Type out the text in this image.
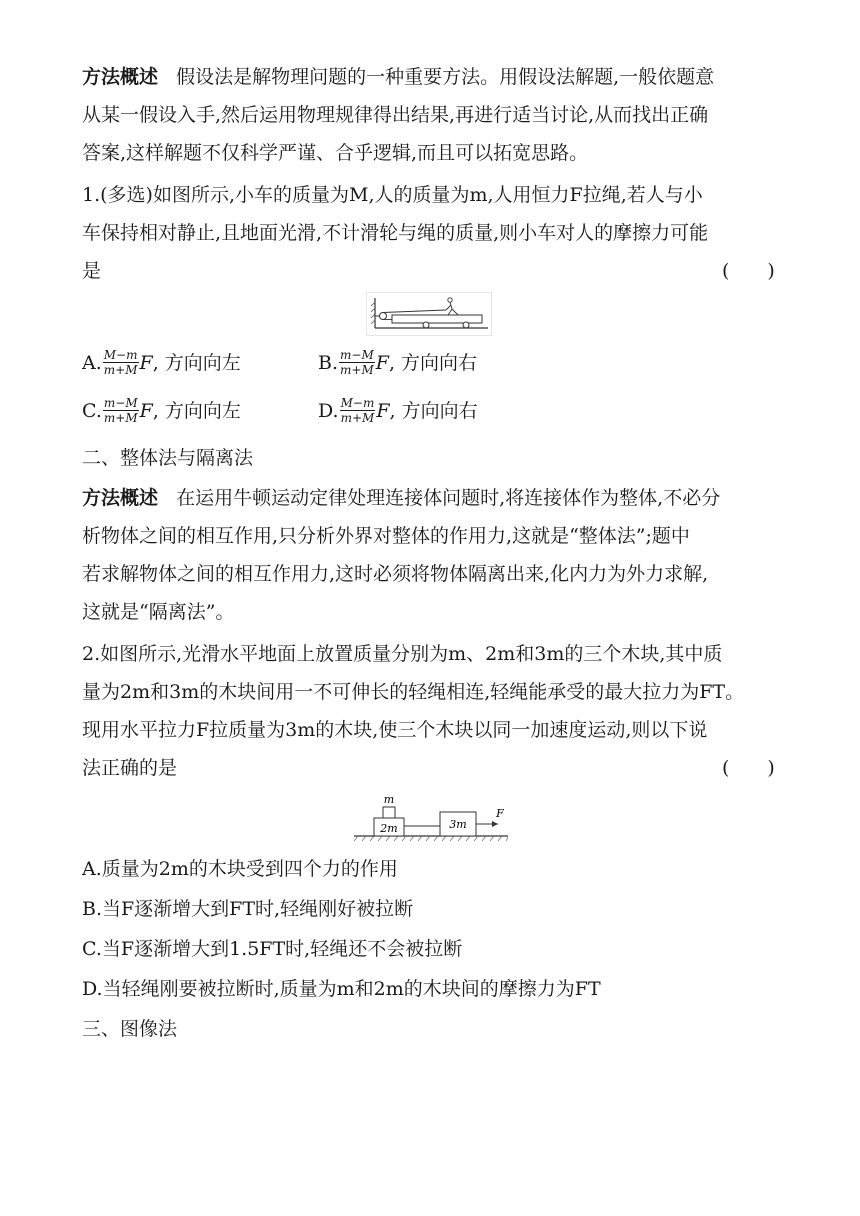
方法概述 假设法是解物理问题的一种重要方法。用假设法解题,一般依题意
从某一假设入手,然后运用物理规律得出结果,再进行适当讨论,从而找出正确
答案,这样解题不仅科学严谨、合乎逻辑,而且可以拓宽思路。
1.(多选)如图所示,小车的质量为M,人的质量为m,人用恒力F拉绳,若人与小
车保持相对静止,且地面光滑,不计滑轮与绳的质量,则小车对人的摩擦力可能
是	(　　)
A. $\frac{M-m}{m+M}$ F , 方向向左	B. $\frac{m-M}{m+M}$ F , 方向向右
C. $\frac{m-M}{m+M}$ F , 方向向左	D. $\frac{M-m}{m+M}$ F , 方向向右
二、整体法与隔离法
方法概述 在运用牛顿运动定律处理连接体问题时,将连接体作为整体,不必分
析物体之间的相互作用,只分析外界对整体的作用力,这就是“整体法”;题中
若求解物体之间的相互作用力,这时必须将物体隔离出来,化内力为外力求解,
这就是“隔离法”。
2.如图所示,光滑水平地面上放置质量分别为m、2m和3m的三个木块,其中质
量为2m和3m的木块间用一不可伸长的轻绳相连,轻绳能承受的最大拉力为FT。
现用水平拉力F拉质量为3m的木块,使三个木块以同一加速度运动,则以下说
法正确的是	(　　)
m
2m	3m
F
A.质量为2m的木块受到四个力的作用
B.当F逐渐增大到FT时,轻绳刚好被拉断
C.当F逐渐增大到1.5FT时,轻绳还不会被拉断
D.当轻绳刚要被拉断时,质量为m和2m的木块间的摩擦力为FT
三、图像法
